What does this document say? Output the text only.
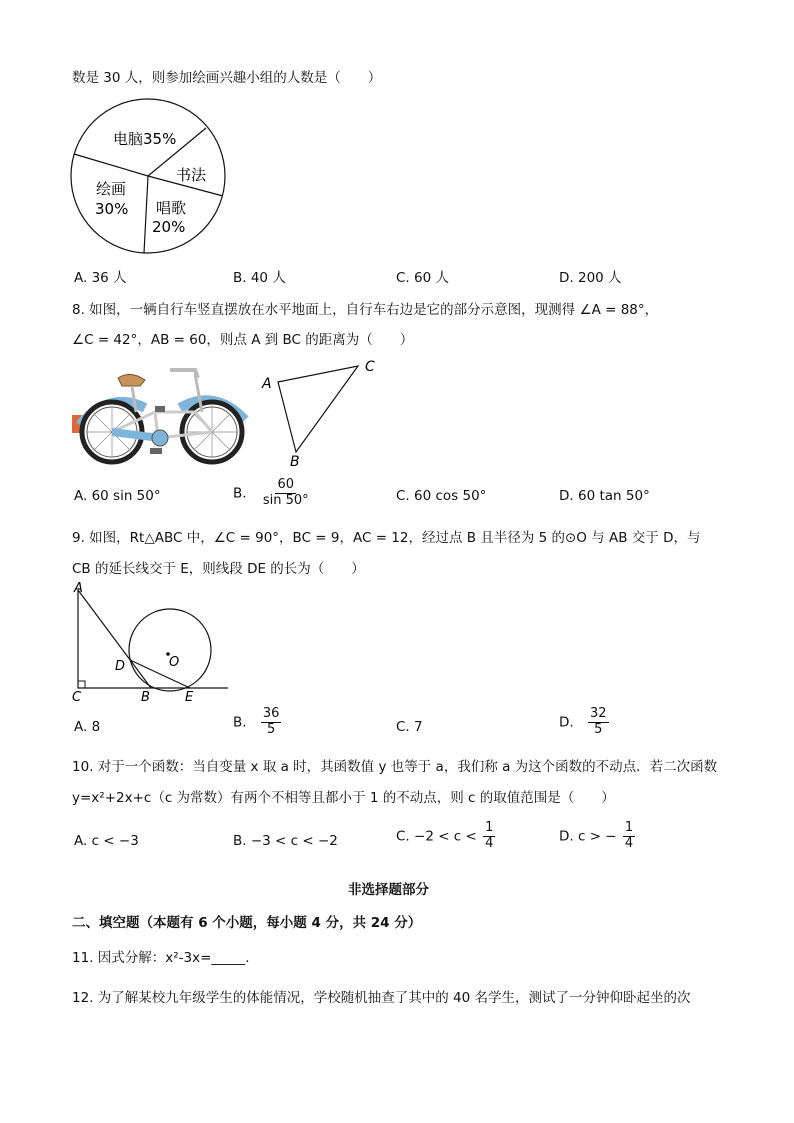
数是 30 人，则参加绘画兴趣小组的人数是（　　）
电脑35%
书法
唱歌
20%
绘画
30%
A. 36 人	B. 40 人	C. 60 人	D. 200 人
8. 如图，一辆自行车竖直摆放在水平地面上，自行车右边是它的部分示意图，现测得 ∠A = 88°，
∠C = 42°，AB = 60，则点 A 到 BC 的距离为（　　）
A
C
B
A. 60 sin 50°	B. $\frac{60}{\sin 50^\circ}$	C. 60 cos 50°	D. 60 tan 50°
9. 如图，Rt△ABC 中，∠C = 90°，BC = 9，AC = 12，经过点 B 且半径为 5 的⊙O 与 AB 交于 D，与
CB 的延长线交于 E，则线段 DE 的长为（　　）
A
C
D
B	E
O
A. 8	B. $\frac{36}{5}$	C. 7	D. $\frac{32}{5}$
10. 对于一个函数：当自变量 x 取 a 时，其函数值 y 也等于 a，我们称 a 为这个函数的不动点．若二次函数
y=x²+2x+c（c 为常数）有两个不相等且都小于 1 的不动点，则 c 的取值范围是（　　）
A. c < −3	B. −3 < c < −2	C. $-2 < c < \frac{1}{4}$	D. c > − $\frac{1}{4}$
非选择题部分
二、填空题（本题有 6 个小题，每小题 4 分，共 24 分）
11. 因式分解：x²-3x=_____.
12. 为了解某校九年级学生的体能情况，学校随机抽查了其中的 40 名学生，测试了一分钟仰卧起坐的次
